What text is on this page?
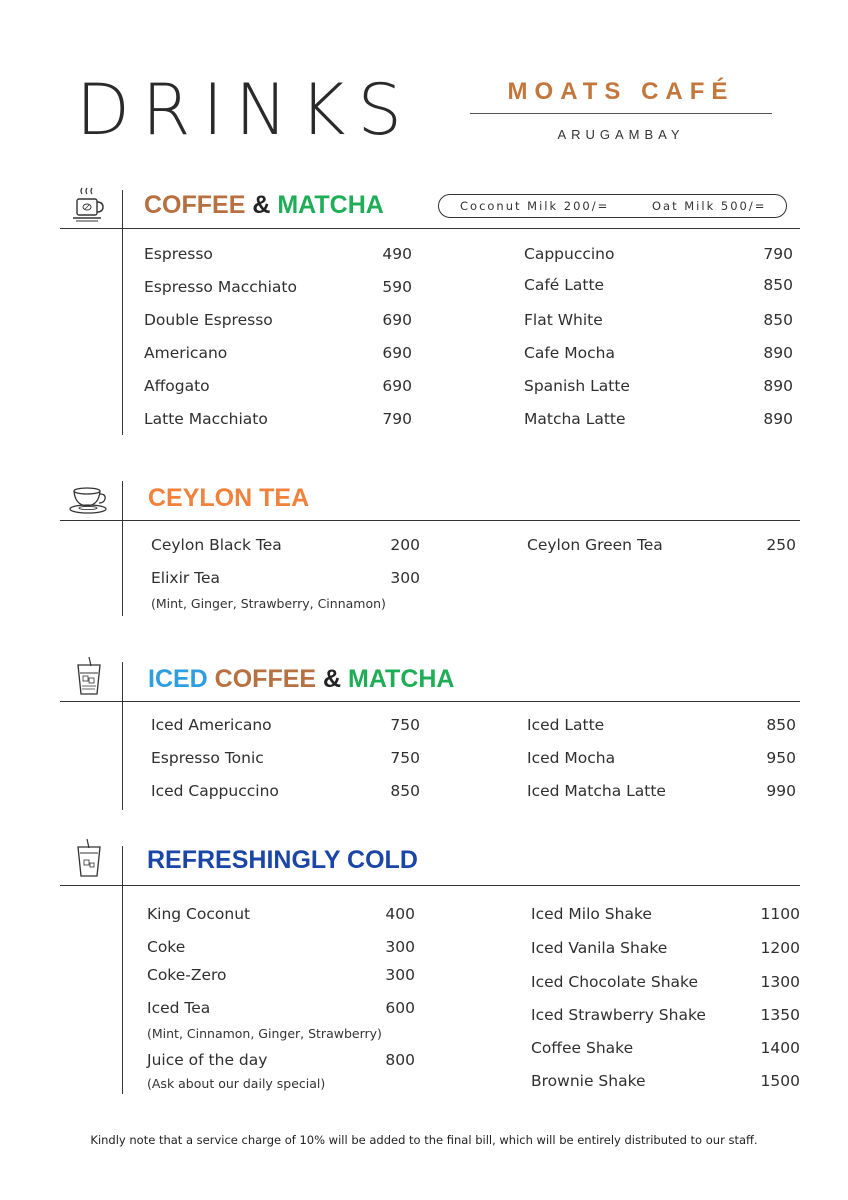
DRINKS	MOATS CAFÉ
ARUGAMBAY
COFFEE & MATCHA	Coconut Milk 200/=	Oat Milk 500/=
Espresso	490
Espresso Macchiato	590
Double Espresso	690
Americano	690
Affogato	690
Latte Macchiato	790
Cappuccino	790
Café Latte	850
Flat White	850
Cafe Mocha	890
Spanish Latte	890
Matcha Latte	890
CEYLON TEA
Ceylon Black Tea	200
Elixir Tea	300
(Mint, Ginger, Strawberry, Cinnamon)
Ceylon Green Tea	250
ICED COFFEE & MATCHA
Iced Americano	750
Espresso Tonic	750
Iced Cappuccino	850
Iced Latte	850
Iced Mocha	950
Iced Matcha Latte	990
REFRESHINGLY COLD
King Coconut	400
Coke	300
Coke-Zero	300
Iced Tea	600
(Mint, Cinnamon, Ginger, Strawberry)
Juice of the day	800
(Ask about our daily special)
Iced Milo Shake	1100
Iced Vanila Shake	1200
Iced Chocolate Shake	1300
Iced Strawberry Shake	1350
Coffee Shake	1400
Brownie Shake	1500
Kindly note that a service charge of 10% will be added to the final bill, which will be entirely distributed to our staff.
